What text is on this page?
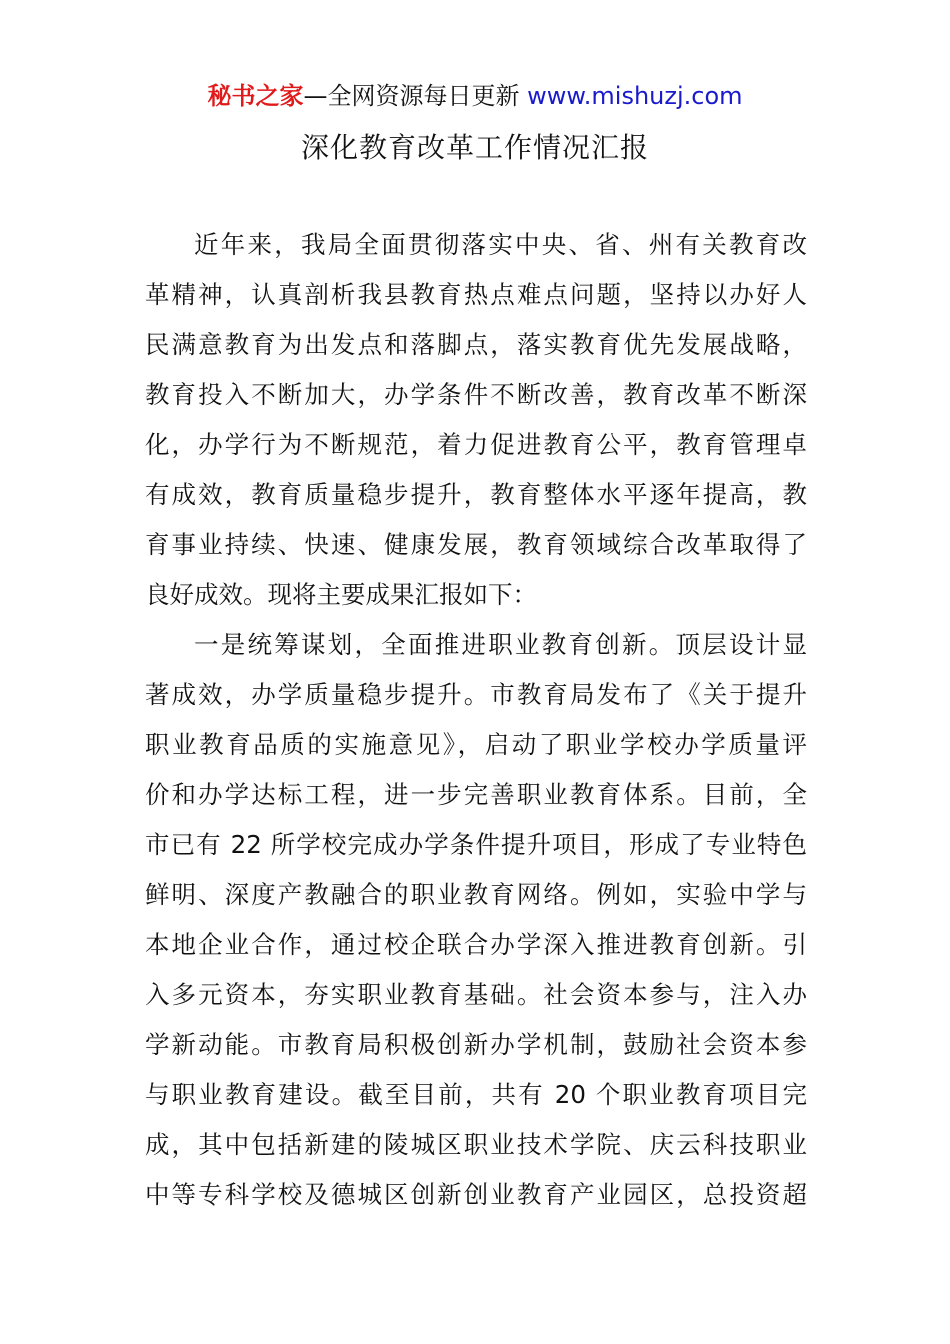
秘书之家—全网资源每日更新 www.mishuzj.com
深化教育改革工作情况汇报
近年来，我局全面贯彻落实中央、省、州有关教育改
革精神，认真剖析我县教育热点难点问题，坚持以办好人
民满意教育为出发点和落脚点，落实教育优先发展战略，
教育投入不断加大，办学条件不断改善，教育改革不断深
化，办学行为不断规范，着力促进教育公平，教育管理卓
有成效，教育质量稳步提升，教育整体水平逐年提高，教
育事业持续、快速、健康发展，教育领域综合改革取得了
良好成效。现将主要成果汇报如下：
一是统筹谋划，全面推进职业教育创新。顶层设计显
著成效，办学质量稳步提升。市教育局发布了《关于提升
职业教育品质的实施意见》，启动了职业学校办学质量评
价和办学达标工程，进一步完善职业教育体系。目前，全
市已有 22 所学校完成办学条件提升项目，形成了专业特色
鲜明、深度产教融合的职业教育网络。例如，实验中学与
本地企业合作，通过校企联合办学深入推进教育创新。引
入多元资本，夯实职业教育基础。社会资本参与，注入办
学新动能。市教育局积极创新办学机制，鼓励社会资本参
与职业教育建设。截至目前，共有 20 个职业教育项目完
成，其中包括新建的陵城区职业技术学院、庆云科技职业
中等专科学校及德城区创新创业教育产业园区，总投资超
